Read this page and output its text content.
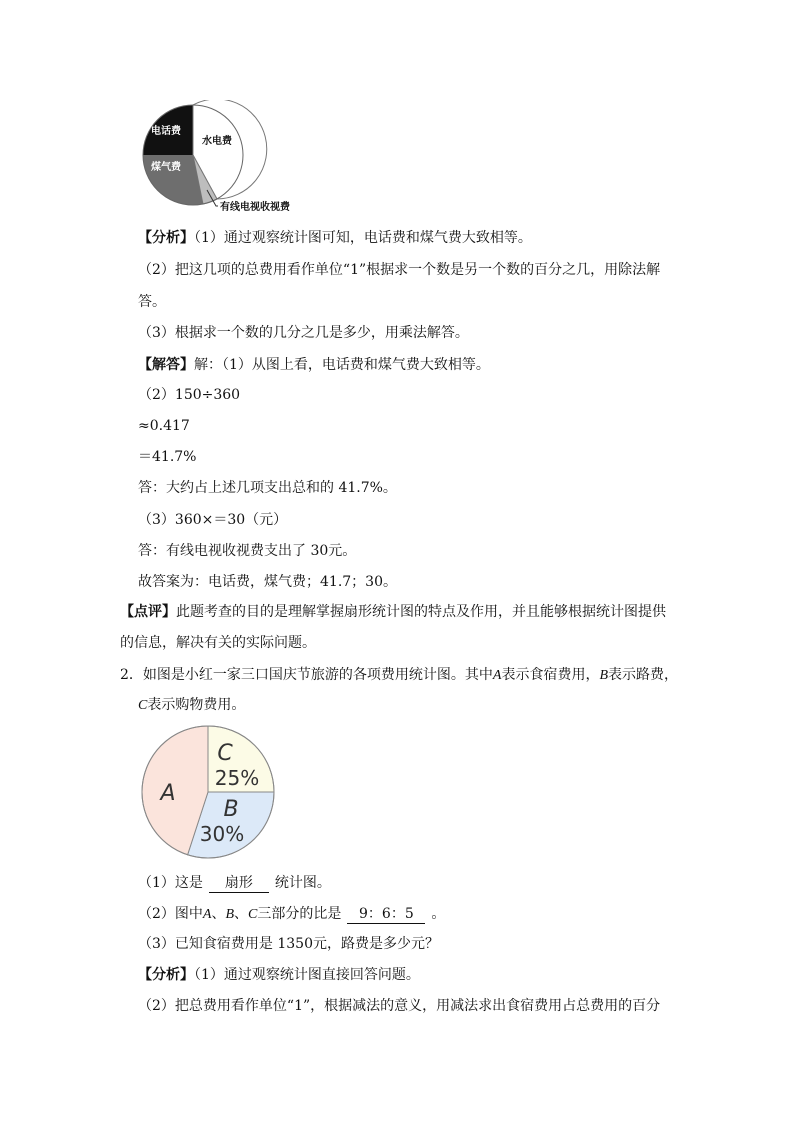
电话费
水电费
煤气费
有线电视收视费
【分析】（1）通过观察统计图可知，电话费和煤气费大致相等。
（2）把这几项的总费用看作单位“1”根据求一个数是另一个数的百分之几，用除法解
答。
（3）根据求一个数的几分之几是多少，用乘法解答。
【解答】解：（1）从图上看，电话费和煤气费大致相等。
（2）150÷360
≈0.417
＝41.7%
答：大约占上述几项支出总和的 41.7%。
（3）360×＝30（元）
答：有线电视收视费支出了 30元。
故答案为：电话费，煤气费；41.7；30。
【点评】此题考查的目的是理解掌握扇形统计图的特点及作用，并且能够根据统计图提供
的信息，解决有关的实际问题。
2．如图是小红一家三口国庆节旅游的各项费用统计图。其中A表示食宿费用，B表示路费，
C表示购物费用。
A
C
25%
B
30%
（1）这是 扇形 统计图。
（2）图中A、B、C三部分的比是 9：6：5 。
（3）已知食宿费用是 1350元，路费是多少元？
【分析】（1）通过观察统计图直接回答问题。
（2）把总费用看作单位“1”，根据减法的意义，用减法求出食宿费用占总费用的百分
